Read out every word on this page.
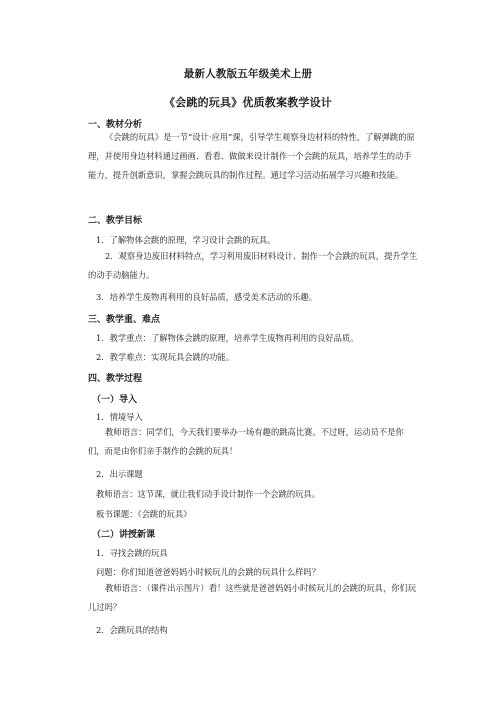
最新人教版五年级美术上册
《会跳的玩具》优质教案教学设计
一、教材分析
《会跳的玩具》是一节“设计·应用”课，引导学生观察身边材料的特性，了解弹跳的原理，并使用身边材料通过画画、看看、做做来设计制作一个会跳的玩具，培养学生的动手能力，提升创新意识，掌握会跳玩具的制作过程。通过学习活动拓展学习兴趣和技能。
二、教学目标
1．了解物体会跳的原理，学习设计会跳的玩具。
2．观察身边废旧材料特点，学习利用废旧材料设计、制作一个会跳的玩具，提升学生的动手动脑能力。
3．培养学生废物再利用的良好品质，感受美术活动的乐趣。
三、教学重、难点
1．教学重点：了解物体会跳的原理，培养学生废物再利用的良好品质。
2．教学难点：实现玩具会跳的功能。
四、教学过程
（一）导入
1．情境导入
教师语言：同学们，今天我们要举办一场有趣的跳高比赛。不过呀，运动员不是你们，而是由你们亲手制作的会跳的玩具！
2．出示课题
教师语言：这节课，就让我们动手设计制作一个会跳的玩具。
板书课题：《会跳的玩具》
（二）讲授新课
1．寻找会跳的玩具
问题：你们知道爸爸妈妈小时候玩儿的会跳的玩具什么样吗？
教师语言：（课件出示图片）看！这些就是爸爸妈妈小时候玩儿的会跳的玩具，你们玩儿过吗？
2．会跳玩具的结构
